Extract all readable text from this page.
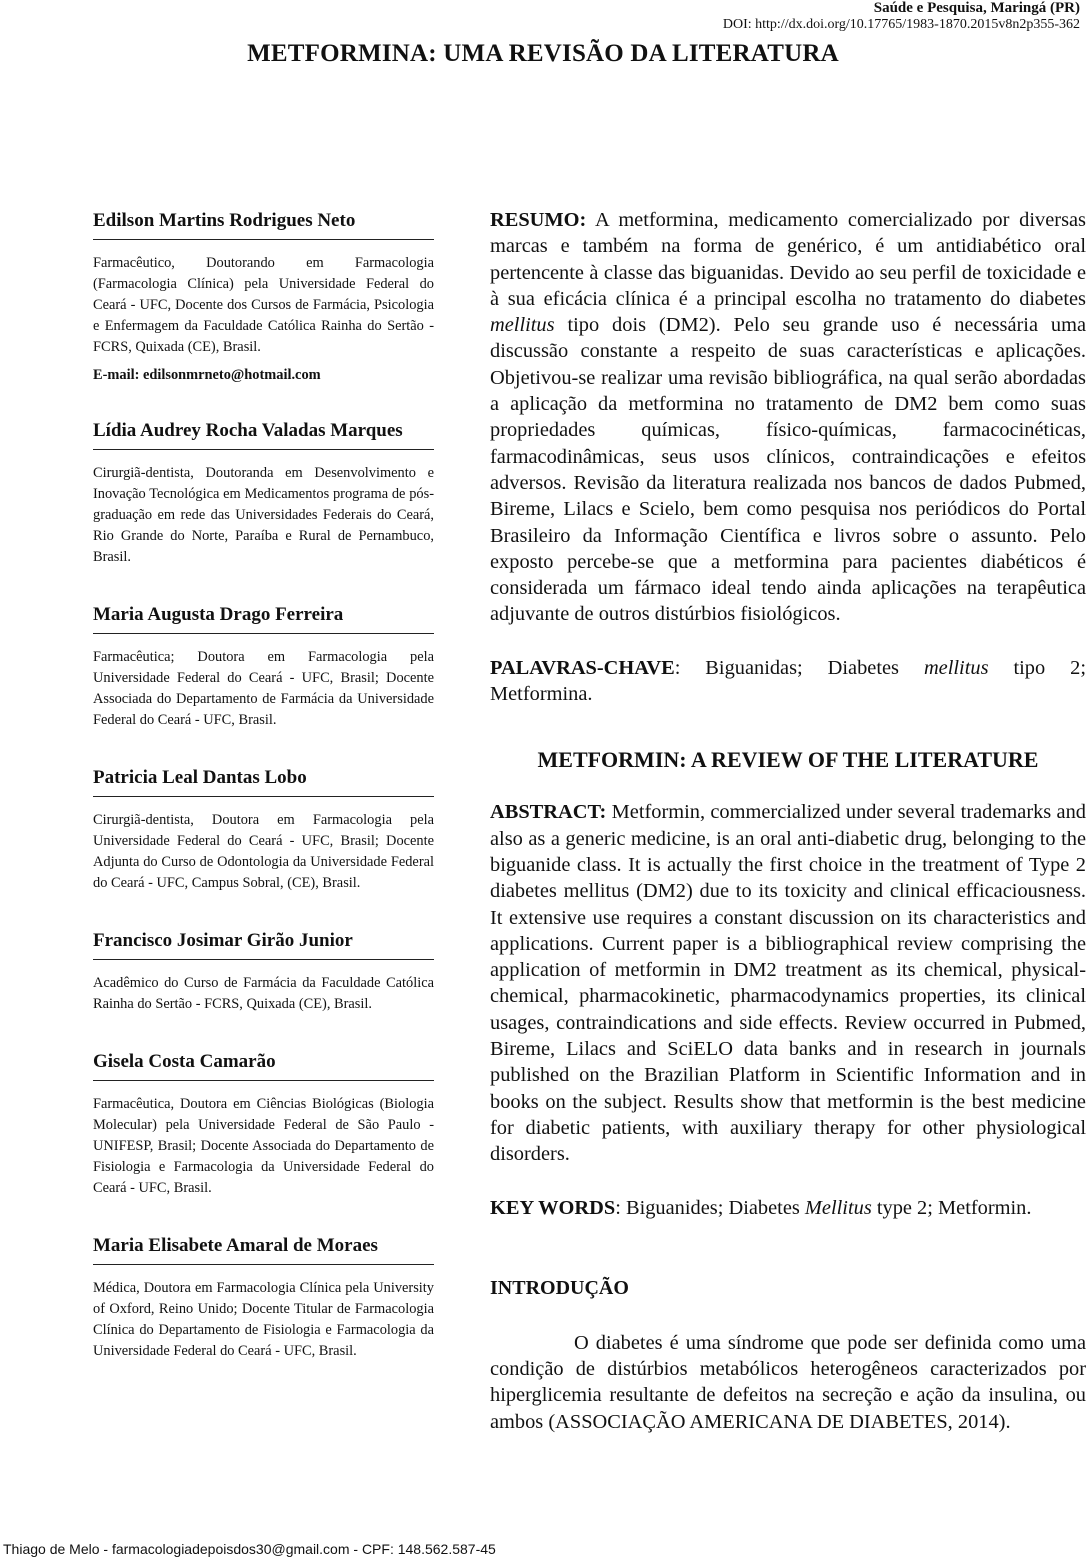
Saúde e Pesquisa, Maringá (PR)
DOI: http://dx.doi.org/10.17765/1983-1870.2015v8n2p355-362
METFORMINA: UMA REVISÃO DA LITERATURA
Edilson Martins Rodrigues Neto
Farmacêutico, Doutorando em Farmacologia (Farmacologia Clínica) pela Universidade Federal do Ceará - UFC, Docente dos Cursos de Farmácia, Psicologia e Enfermagem da Faculdade Católica Rainha do Sertão - FCRS, Quixada (CE), Brasil.
E-mail: edilsonmrneto@hotmail.com
Lídia Audrey Rocha Valadas Marques
Cirurgiã-dentista, Doutoranda em Desenvolvimento e Inovação Tecnológica em Medicamentos programa de pós-graduação em rede das Universidades Federais do Ceará, Rio Grande do Norte, Paraíba e Rural de Pernambuco, Brasil.
Maria Augusta Drago Ferreira
Farmacêutica; Doutora em Farmacologia pela Universidade Federal do Ceará - UFC, Brasil; Docente Associada do Departamento de Farmácia da Universidade Federal do Ceará - UFC, Brasil.
Patricia Leal Dantas Lobo
Cirurgiã-dentista, Doutora em Farmacologia pela Universidade Federal do Ceará - UFC, Brasil; Docente Adjunta do Curso de Odontologia da Universidade Federal do Ceará - UFC, Campus Sobral, (CE), Brasil.
Francisco Josimar Girão Junior
Acadêmico do Curso de Farmácia da Faculdade Católica Rainha do Sertão - FCRS, Quixada (CE), Brasil.
Gisela Costa Camarão
Farmacêutica, Doutora em Ciências Biológicas (Biologia Molecular) pela Universidade Federal de São Paulo - UNIFESP, Brasil; Docente Associada do Departamento de Fisiologia e Farmacologia da Universidade Federal do Ceará - UFC, Brasil.
Maria Elisabete Amaral de Moraes
Médica, Doutora em Farmacologia Clínica pela University of Oxford, Reino Unido; Docente Titular de Farmacologia Clínica do Departamento de Fisiologia e Farmacologia da Universidade Federal do Ceará - UFC, Brasil.
RESUMO: A metformina, medicamento comercializado por diversas marcas e também na forma de genérico, é um antidiabético oral pertencente à classe das biguanidas. Devido ao seu perfil de toxicidade e à sua eficácia clínica é a principal escolha no tratamento do diabetes mellitus tipo dois (DM2). Pelo seu grande uso é necessária uma discussão constante a respeito de suas características e aplicações. Objetivou-se realizar uma revisão bibliográfica, na qual serão abordadas a aplicação da metformina no tratamento de DM2 bem como suas propriedades químicas, físico-químicas, farmacocinéticas, farmacodinâmicas, seus usos clínicos, contraindicações e efeitos adversos. Revisão da literatura realizada nos bancos de dados Pubmed, Bireme, Lilacs e Scielo, bem como pesquisa nos periódicos do Portal Brasileiro da Informação Científica e livros sobre o assunto. Pelo exposto percebe-se que a metformina para pacientes diabéticos é considerada um fármaco ideal tendo ainda aplicações na terapêutica adjuvante de outros distúrbios fisiológicos.
PALAVRAS-CHAVE: Biguanidas; Diabetes mellitus tipo 2; Metformina.
METFORMIN: A REVIEW OF THE LITERATURE
ABSTRACT: Metformin, commercialized under several trademarks and also as a generic medicine, is an oral anti-diabetic drug, belonging to the biguanide class. It is actually the first choice in the treatment of Type 2 diabetes mellitus (DM2) due to its toxicity and clinical efficaciousness. It extensive use requires a constant discussion on its characteristics and applications. Current paper is a bibliographical review comprising the application of metformin in DM2 treatment as its chemical, physical-chemical, pharmacokinetic, pharmacodynamics properties, its clinical usages, contraindications and side effects. Review occurred in Pubmed, Bireme, Lilacs and SciELO data banks and in research in journals published on the Brazilian Platform in Scientific Information and in books on the subject. Results show that metformin is the best medicine for diabetic patients, with auxiliary therapy for other physiological disorders.
KEY WORDS: Biguanides; Diabetes Mellitus type 2; Metformin.
INTRODUÇÃO
O diabetes é uma síndrome que pode ser definida como uma condição de distúrbios metabólicos heterogêneos caracterizados por hiperglicemia resultante de defeitos na secreção e ação da insulina, ou ambos (ASSOCIAÇÃO AMERICANA DE DIABETES, 2014).
Thiago de Melo - farmacologiadepoisdos30@gmail.com - CPF: 148.562.587-45
